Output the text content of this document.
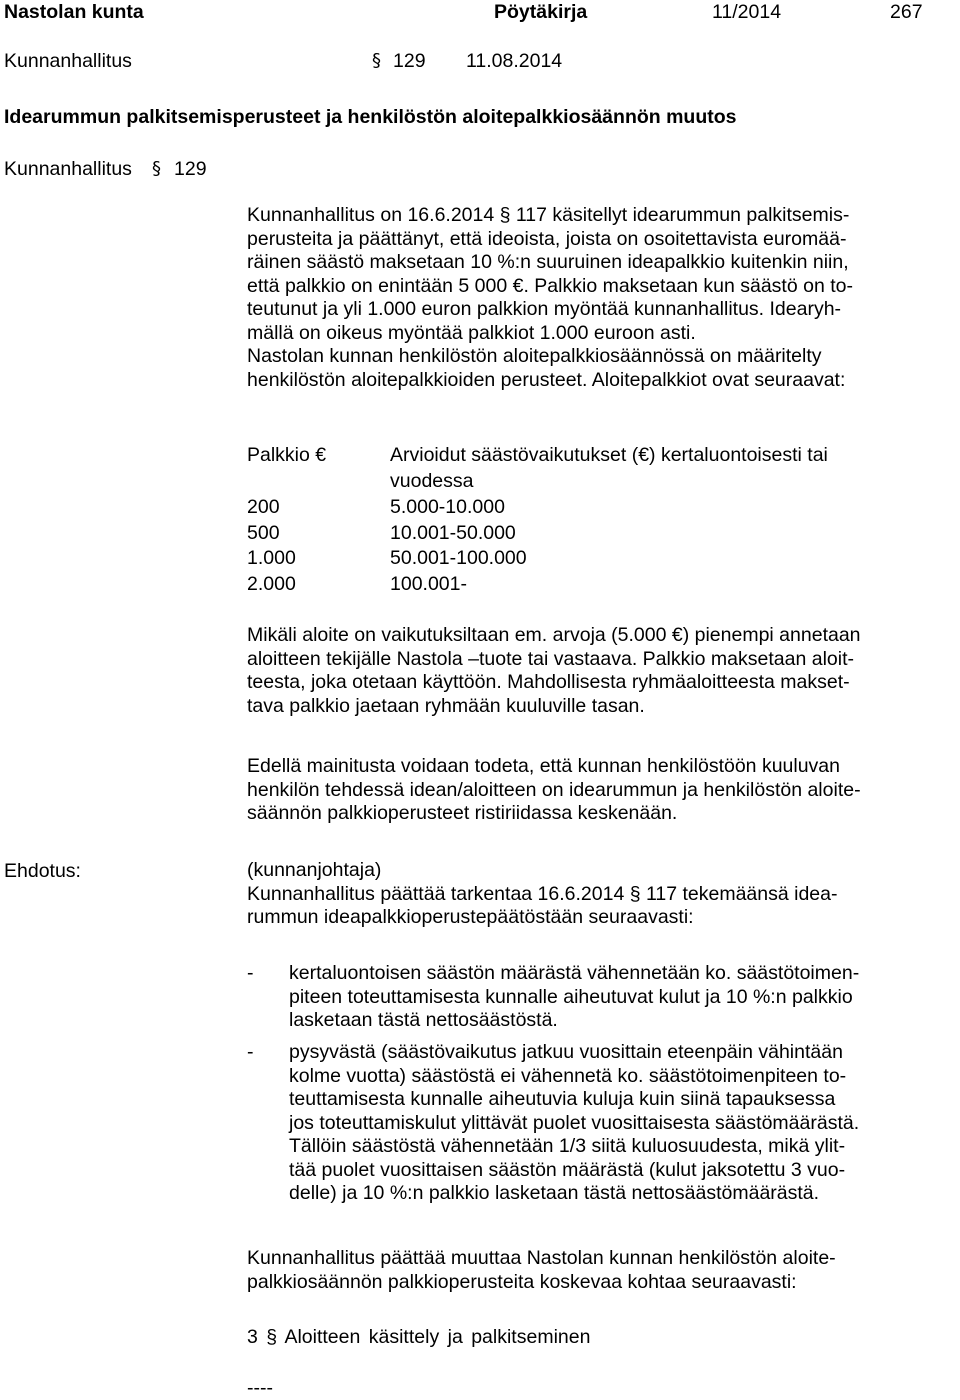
Nastolan kunta	Pöytäkirja	11/2014	267
Kunnanhallitus	§ 129 11.08.2014
Idearummun palkitsemisperusteet ja henkilöstön aloitepalkkiosäännön muutos
Kunnanhallitus § 129
Kunnanhallitus on 16.6.2014 § 117 käsitellyt idearummun palkitsemis-
perusteita ja päättänyt, että ideoista, joista on osoitettavista euromää-
räinen säästö maksetaan 10 %:n suuruinen ideapalkkio kuitenkin niin,
että palkkio on enintään 5 000 €. Palkkio maksetaan kun säästö on to-
teutunut ja yli 1.000 euron palkkion myöntää kunnanhallitus. Idearyh-
mällä on oikeus myöntää palkkiot 1.000 euroon asti.
Nastolan kunnan henkilöstön aloitepalkkiosäännössä on määritelty
henkilöstön aloitepalkkioiden perusteet. Aloitepalkkiot ovat seuraavat:
Palkkio €	Arvioidut säästövaikutukset (€) kertaluontoisesti tai
vuodessa
200	5.000-10.000
500	10.001-50.000
1.000	50.001-100.000
2.000	100.001-
Mikäli aloite on vaikutuksiltaan em. arvoja (5.000 €) pienempi annetaan
aloitteen tekijälle Nastola –tuote tai vastaava. Palkkio maksetaan aloit-
teesta, joka otetaan käyttöön. Mahdollisesta ryhmäaloitteesta makset-
tava palkkio jaetaan ryhmään kuuluville tasan.
Edellä mainitusta voidaan todeta, että kunnan henkilöstöön kuuluvan
henkilön tehdessä idean/aloitteen on idearummun ja henkilöstön aloite-
säännön palkkioperusteet ristiriidassa keskenään.
Ehdotus:	(kunnanjohtaja)
Kunnanhallitus päättää tarkentaa 16.6.2014 § 117 tekemäänsä idea-
rummun ideapalkkioperustepäätöstään seuraavasti:
- kertaluontoisen säästön määrästä vähennetään ko. säästötoimen-
piteen toteuttamisesta kunnalle aiheutuvat kulut ja 10 %:n palkkio
lasketaan tästä nettosäästöstä.
- pysyvästä (säästövaikutus jatkuu vuosittain eteenpäin vähintään
kolme vuotta) säästöstä ei vähennetä ko. säästötoimenpiteen to-
teuttamisesta kunnalle aiheutuvia kuluja kuin siinä tapauksessa
jos toteuttamiskulut ylittävät puolet vuosittaisesta säästömäärästä.
Tällöin säästöstä vähennetään 1/3 siitä kuluosuudesta, mikä ylit-
tää puolet vuosittaisen säästön määrästä (kulut jaksotettu 3 vuo-
delle) ja 10 %:n palkkio lasketaan tästä nettosäästömäärästä.
Kunnanhallitus päättää muuttaa Nastolan kunnan henkilöstön aloite-
palkkiosäännön palkkioperusteita koskevaa kohtaa seuraavasti:
3 § Aloitteen käsittely ja palkitseminen
----
